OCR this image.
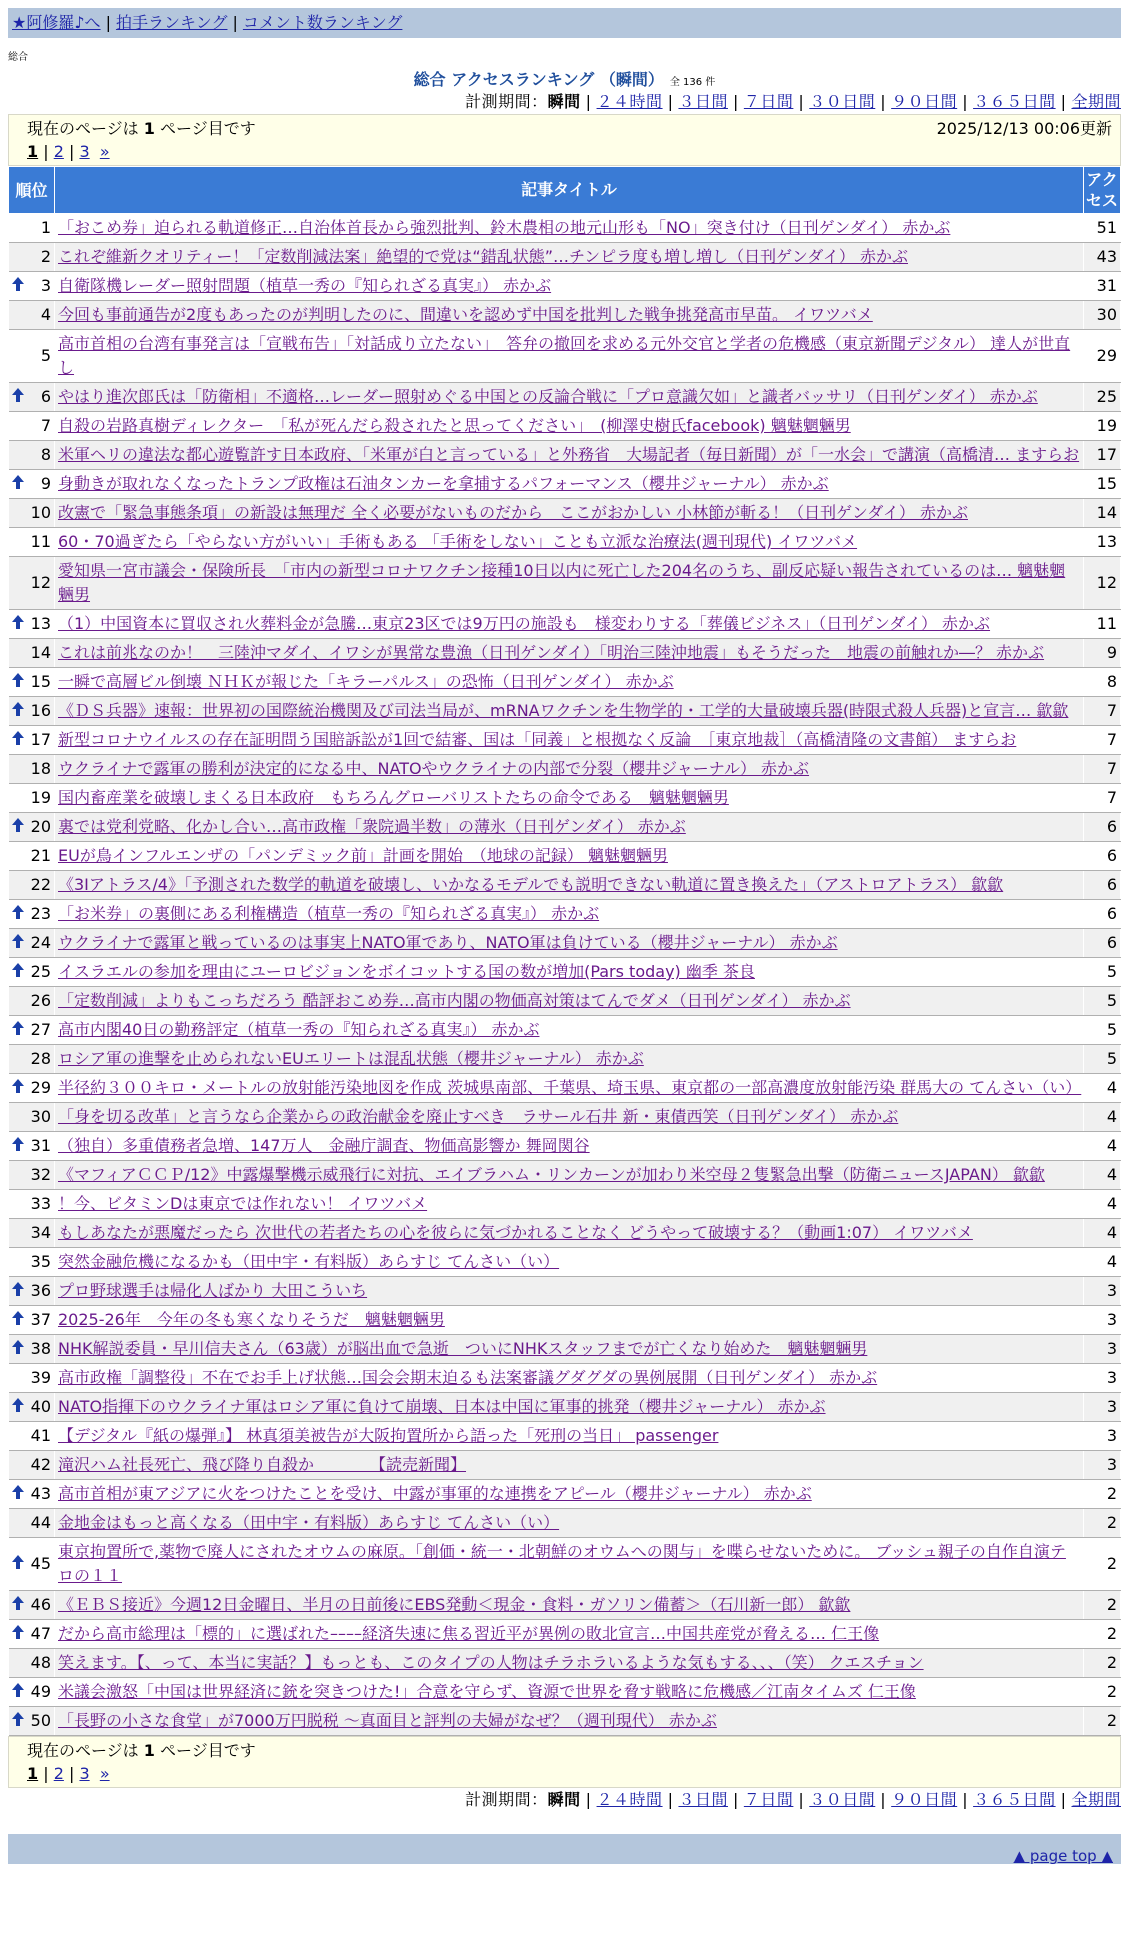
★阿修羅♪へ | 拍手ランキング | コメント数ランキング
総合
総合 アクセスランキング （瞬間） 全 136 件
計測期間：瞬間 | ２４時間 | ３日間 | ７日間 | ３０日間 | ９０日間 | ３６５日間 | 全期間
現在のページは 1 ページ目です	2025/12/13 00:06更新
1 | 2 | 3 »
順位	記事タイトル	アクセス
1	「おこめ券」迫られる軌道修正…自治体首長から強烈批判、鈴木農相の地元山形も「NO」突き付け（日刊ゲンダイ） 赤かぶ	51
2	これぞ維新クオリティー！「定数削減法案」絶望的で党は“錯乱状態”…チンピラ度も増し増し（日刊ゲンダイ） 赤かぶ	43

3	自衛隊機レーダー照射問題（植草一秀の『知られざる真実』） 赤かぶ	31
4	今回も事前通告が2度もあったのが判明したのに、間違いを認めず中国を批判した戦争挑発高市早苗。 イワツバメ	30
5	高市首相の台湾有事発言は「宣戦布告」「対話成り立たない」　答弁の撤回を求める元外交官と学者の危機感（東京新聞デジタル） 達人が世直し	29

6	やはり進次郎氏は「防衛相」不適格…レーダー照射めぐる中国との反論合戦に「プロ意識欠如」と識者バッサリ（日刊ゲンダイ） 赤かぶ	25
7	自殺の岩路真樹ディレクター　「私が死んだら殺されたと思ってください」　(柳澤史樹氏facebook) 魑魅魍魎男	19
8	米軍ヘリの違法な都心遊覧許す日本政府、「米軍が白と言っている」と外務省　大場記者（毎日新聞）が「一水会」で講演（高橋清… ますらお	17

9	身動きが取れなくなったトランプ政権は石油タンカーを拿捕するパフォーマンス（櫻井ジャーナル） 赤かぶ	15
10	改憲で「緊急事態条項」の新設は無理だ 全く必要がないものだから　ここがおかしい 小林節が斬る！（日刊ゲンダイ） 赤かぶ	14
11	60・70過ぎたら「やらない方がいい」手術もある 「手術をしない」ことも立派な治療法(週刊現代) イワツバメ	13
12	愛知県一宮市議会・保険所長　「市内の新型コロナワクチン接種10日以内に死亡した204名のうち、副反応疑い報告されているのは… 魑魅魍魎男	12

13	（1）中国資本に買収され火葬料金が急騰…東京23区では9万円の施設も　様変わりする「葬儀ビジネス」（日刊ゲンダイ） 赤かぶ	11
14	これは前兆なのか！　三陸沖マダイ、イワシが異常な豊漁（日刊ゲンダイ）「明治三陸沖地震」もそうだった　地震の前触れか―？ 赤かぶ	9

15	一瞬で高層ビル倒壊 ＮＨＫが報じた「キラーパルス」の恐怖（日刊ゲンダイ） 赤かぶ	8

16	《ＤＳ兵器》速報：世界初の国際統治機関及び司法当局が、mRNAワクチンを生物学的・工学的大量破壊兵器(時限式殺人兵器)と宣言… 歙歙	7

17	新型コロナウイルスの存在証明問う国賠訴訟が1回で結審、国は「同義」と根拠なく反論　［東京地裁］（高橋清隆の文書館） ますらお	7
18	ウクライナで露軍の勝利が決定的になる中、NATOやウクライナの内部で分裂（櫻井ジャーナル） 赤かぶ	7
19	国内畜産業を破壊しまくる日本政府　もちろんグローバリストたちの命令である　魑魅魍魎男	7

20	裏では党利党略、化かし合い…高市政権「衆院過半数」の薄氷（日刊ゲンダイ） 赤かぶ	6
21	EUが鳥インフルエンザの「パンデミック前」計画を開始　（地球の記録） 魑魅魍魎男	6
22	《3Iアトラス/4》「予測された数学的軌道を破壊し、いかなるモデルでも説明できない軌道に置き換えた」（アストロアトラス） 歙歙	6

23	「お米券」の裏側にある利権構造（植草一秀の『知られざる真実』） 赤かぶ	6

24	ウクライナで露軍と戦っているのは事実上NATO軍であり、NATO軍は負けている（櫻井ジャーナル） 赤かぶ	6

25	イスラエルの参加を理由にユーロビジョンをボイコットする国の数が増加(Pars today) 幽季 茶良	5
26	「定数削減」よりもこっちだろう 酷評おこめ券…高市内閣の物価高対策はてんでダメ（日刊ゲンダイ） 赤かぶ	5

27	高市内閣40日の勤務評定（植草一秀の『知られざる真実』） 赤かぶ	5
28	ロシア軍の進撃を止められないEUエリートは混乱状態（櫻井ジャーナル） 赤かぶ	5

29	半径約３００キロ・メートルの放射能汚染地図を作成 茨城県南部、千葉県、埼玉県、東京都の一部高濃度放射能汚染 群馬大の てんさい（い）	4
30	「身を切る改革」と言うなら企業からの政治献金を廃止すべき　ラサール石井 新・東債西笑（日刊ゲンダイ） 赤かぶ	4

31	（独自）多重債務者急増、147万人　金融庁調査、物価高影響か 舞岡関谷	4
32	《マフィアＣＣＰ/12》中露爆撃機示威飛行に対抗、エイブラハム・リンカーンが加わり米空母２隻緊急出撃（防衛ニュースJAPAN） 歙歙	4
33	！今、ビタミンDは東京では作れない！ イワツバメ	4
34	もしあなたが悪魔だったら 次世代の若者たちの心を彼らに気づかれることなく どうやって破壊する？（動画1:07） イワツバメ	4
35	突然金融危機になるかも（田中宇・有料版）あらすじ てんさい（い）	4

36	プロ野球選手は帰化人ばかり 大田こういち	3

37	2025-26年　今年の冬も寒くなりそうだ　魑魅魍魎男	3

38	NHK解説委員・早川信夫さん（63歳）が脳出血で急逝　ついにNHKスタッフまでが亡くなり始めた　魑魅魍魎男	3
39	高市政権「調整役」不在でお手上げ状態…国会会期末迫るも法案審議グダグダの異例展開（日刊ゲンダイ） 赤かぶ	3

40	NATO指揮下のウクライナ軍はロシア軍に負けて崩壊、日本は中国に軍事的挑発（櫻井ジャーナル） 赤かぶ	3
41	【デジタル『紙の爆弾』】 林真須美被告が大阪拘置所から語った「死刑の当日」 passenger	3
42	滝沢ハム社長死亡、飛び降り自殺か　　　　【読売新聞】	3

43	高市首相が東アジアに火をつけたことを受け、中露が事軍的な連携をアピール（櫻井ジャーナル） 赤かぶ	2
44	金地金はもっと高くなる（田中宇・有料版）あらすじ てんさい（い）	2

45	東京拘置所で,薬物で廃人にされたオウムの麻原。「創価・統一・北朝鮮のオウムへの関与」を喋らせないために。 ブッシュ親子の自作自演テロの１１	2

46	《ＥＢＳ接近》今週12日金曜日、半月の日前後にEBS発動＜現金・食料・ガソリン備蓄＞（石川新一郎） 歙歙	2

47	だから高市総理は「標的」に選ばれた––––経済失速に焦る習近平が異例の敗北宣言…中国共産党が脅える… 仁王像	2
48	笑えます。【、って、本当に実話？】もっとも、このタイプの人物はチラホラいるような気もする、、、（笑） クエスチョン	2

49	米議会激怒「中国は世界経済に銃を突きつけた!」合意を守らず、資源で世界を脅す戦略に危機感／江南タイムズ 仁王像	2

50	「長野の小さな食堂」が7000万円脱税 〜真面目と評判の夫婦がなぜ？（週刊現代） 赤かぶ	2
現在のページは 1 ページ目です
1 | 2 | 3 »
計測期間：瞬間 | ２４時間 | ３日間 | ７日間 | ３０日間 | ９０日間 | ３６５日間 | 全期間
▲ page top ▲
